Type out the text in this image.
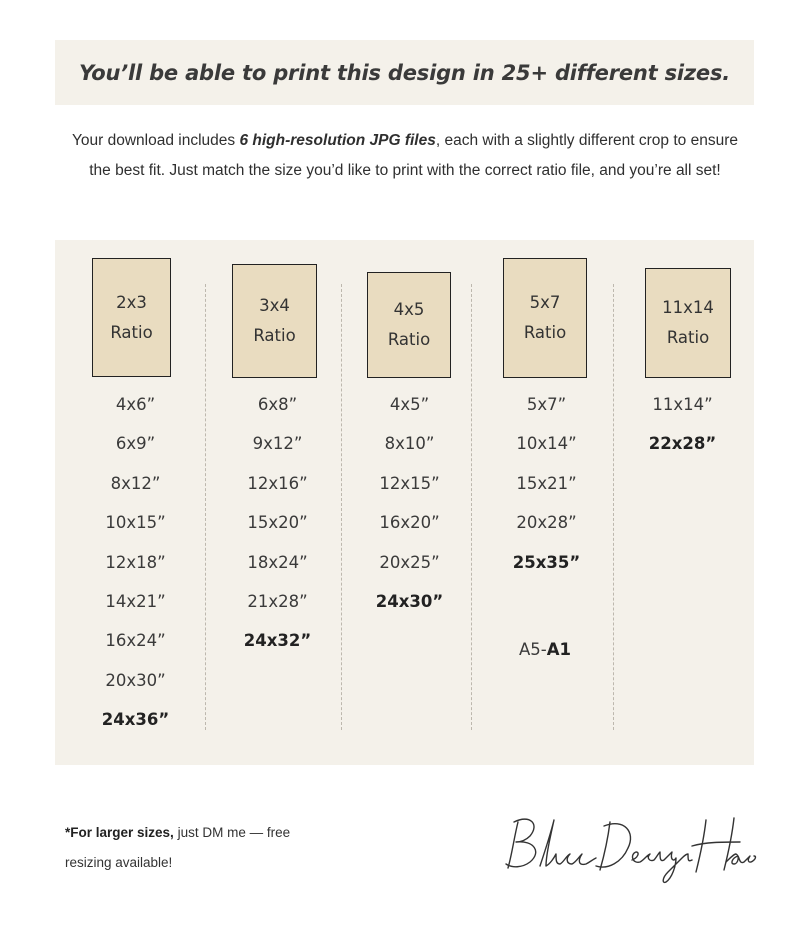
You’ll be able to print this design in 25+ different sizes.
Your download includes 6 high-resolution JPG files, each with a slightly different crop to ensure the best fit. Just match the size you’d like to print with the correct ratio file, and you’re all set!
2x3
Ratio
4x6”
6x9”
8x12”
10x15”
12x18”
14x21”
16x24”
20x30”
24x36”
3x4
Ratio
6x8”
9x12”
12x16”
15x20”
18x24”
21x28”
24x32”
4x5
Ratio
4x5”
8x10”
12x15”
16x20”
20x25”
24x30”
5x7
Ratio
5x7”
10x14”
15x21”
20x28”
25x35”
A5-A1
11x14
Ratio
11x14”
22x28”
*For larger sizes, just DM me — free resizing available!
